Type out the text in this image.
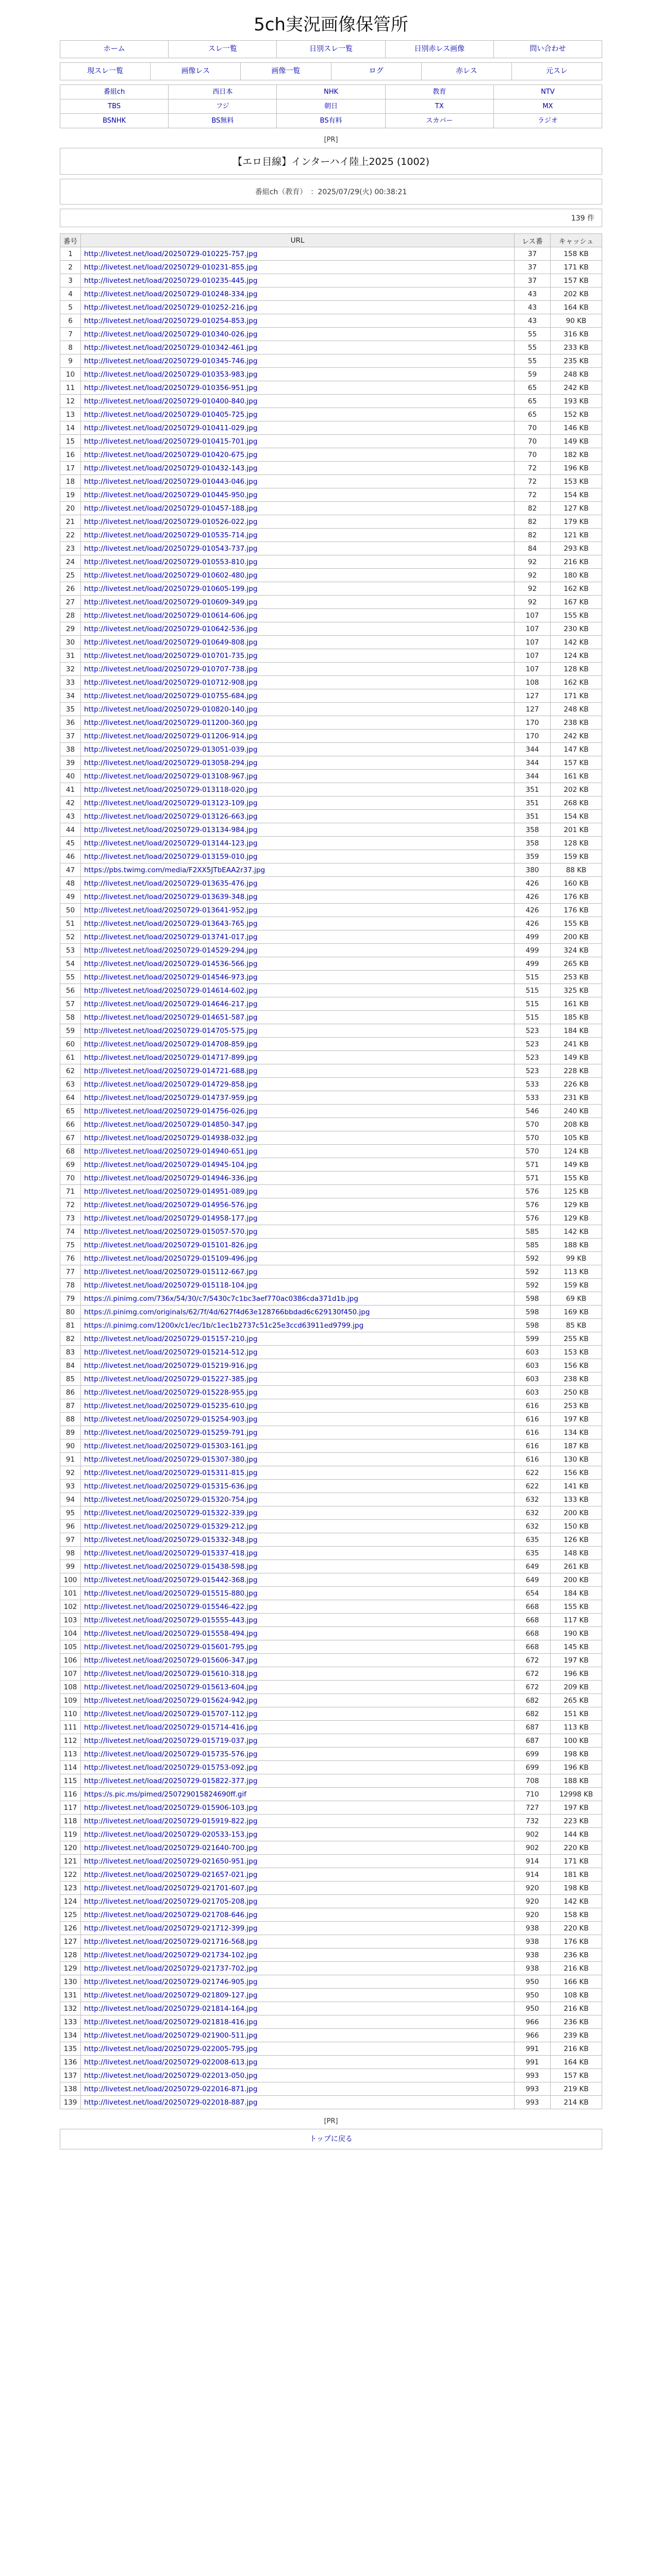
5ch実況画像保管所
ホーム	スレ一覧	日別スレ一覧	日別赤レス画像	問い合わせ
現スレ一覧	画像レス	画像一覧	ログ	赤レス	元スレ
番組ch	西日本	NHK	教育	NTV
TBS	フジ	朝日	TX	MX
BSNHK	BS無料	BS有料	スカパー	ラジオ
[PR]
【エロ目線】インターハイ陸上2025 (1002)
番組ch（教育）　：2025/07/29(火) 00:38:21
139 件
番号	URL	レス番	キャッシュ
1	http://livetest.net/load/20250729-010225-757.jpg	37	158 KB
2	http://livetest.net/load/20250729-010231-855.jpg	37	171 KB
3	http://livetest.net/load/20250729-010235-445.jpg	37	157 KB
4	http://livetest.net/load/20250729-010248-334.jpg	43	202 KB
5	http://livetest.net/load/20250729-010252-216.jpg	43	164 KB
6	http://livetest.net/load/20250729-010254-853.jpg	43	90 KB
7	http://livetest.net/load/20250729-010340-026.jpg	55	316 KB
8	http://livetest.net/load/20250729-010342-461.jpg	55	233 KB
9	http://livetest.net/load/20250729-010345-746.jpg	55	235 KB
10	http://livetest.net/load/20250729-010353-983.jpg	59	248 KB
11	http://livetest.net/load/20250729-010356-951.jpg	65	242 KB
12	http://livetest.net/load/20250729-010400-840.jpg	65	193 KB
13	http://livetest.net/load/20250729-010405-725.jpg	65	152 KB
14	http://livetest.net/load/20250729-010411-029.jpg	70	146 KB
15	http://livetest.net/load/20250729-010415-701.jpg	70	149 KB
16	http://livetest.net/load/20250729-010420-675.jpg	70	182 KB
17	http://livetest.net/load/20250729-010432-143.jpg	72	196 KB
18	http://livetest.net/load/20250729-010443-046.jpg	72	153 KB
19	http://livetest.net/load/20250729-010445-950.jpg	72	154 KB
20	http://livetest.net/load/20250729-010457-188.jpg	82	127 KB
21	http://livetest.net/load/20250729-010526-022.jpg	82	179 KB
22	http://livetest.net/load/20250729-010535-714.jpg	82	121 KB
23	http://livetest.net/load/20250729-010543-737.jpg	84	293 KB
24	http://livetest.net/load/20250729-010553-810.jpg	92	216 KB
25	http://livetest.net/load/20250729-010602-480.jpg	92	180 KB
26	http://livetest.net/load/20250729-010605-199.jpg	92	162 KB
27	http://livetest.net/load/20250729-010609-349.jpg	92	167 KB
28	http://livetest.net/load/20250729-010614-606.jpg	107	155 KB
29	http://livetest.net/load/20250729-010642-536.jpg	107	230 KB
30	http://livetest.net/load/20250729-010649-808.jpg	107	142 KB
31	http://livetest.net/load/20250729-010701-735.jpg	107	124 KB
32	http://livetest.net/load/20250729-010707-738.jpg	107	128 KB
33	http://livetest.net/load/20250729-010712-908.jpg	108	162 KB
34	http://livetest.net/load/20250729-010755-684.jpg	127	171 KB
35	http://livetest.net/load/20250729-010820-140.jpg	127	248 KB
36	http://livetest.net/load/20250729-011200-360.jpg	170	238 KB
37	http://livetest.net/load/20250729-011206-914.jpg	170	242 KB
38	http://livetest.net/load/20250729-013051-039.jpg	344	147 KB
39	http://livetest.net/load/20250729-013058-294.jpg	344	157 KB
40	http://livetest.net/load/20250729-013108-967.jpg	344	161 KB
41	http://livetest.net/load/20250729-013118-020.jpg	351	202 KB
42	http://livetest.net/load/20250729-013123-109.jpg	351	268 KB
43	http://livetest.net/load/20250729-013126-663.jpg	351	154 KB
44	http://livetest.net/load/20250729-013134-984.jpg	358	201 KB
45	http://livetest.net/load/20250729-013144-123.jpg	358	128 KB
46	http://livetest.net/load/20250729-013159-010.jpg	359	159 KB
47	https://pbs.twimg.com/media/F2XX5JTbEAA2r37.jpg	380	88 KB
48	http://livetest.net/load/20250729-013635-476.jpg	426	160 KB
49	http://livetest.net/load/20250729-013639-348.jpg	426	176 KB
50	http://livetest.net/load/20250729-013641-952.jpg	426	176 KB
51	http://livetest.net/load/20250729-013643-765.jpg	426	155 KB
52	http://livetest.net/load/20250729-013741-017.jpg	499	200 KB
53	http://livetest.net/load/20250729-014529-294.jpg	499	324 KB
54	http://livetest.net/load/20250729-014536-566.jpg	499	265 KB
55	http://livetest.net/load/20250729-014546-973.jpg	515	253 KB
56	http://livetest.net/load/20250729-014614-602.jpg	515	325 KB
57	http://livetest.net/load/20250729-014646-217.jpg	515	161 KB
58	http://livetest.net/load/20250729-014651-587.jpg	515	185 KB
59	http://livetest.net/load/20250729-014705-575.jpg	523	184 KB
60	http://livetest.net/load/20250729-014708-859.jpg	523	241 KB
61	http://livetest.net/load/20250729-014717-899.jpg	523	149 KB
62	http://livetest.net/load/20250729-014721-688.jpg	523	228 KB
63	http://livetest.net/load/20250729-014729-858.jpg	533	226 KB
64	http://livetest.net/load/20250729-014737-959.jpg	533	231 KB
65	http://livetest.net/load/20250729-014756-026.jpg	546	240 KB
66	http://livetest.net/load/20250729-014850-347.jpg	570	208 KB
67	http://livetest.net/load/20250729-014938-032.jpg	570	105 KB
68	http://livetest.net/load/20250729-014940-651.jpg	570	124 KB
69	http://livetest.net/load/20250729-014945-104.jpg	571	149 KB
70	http://livetest.net/load/20250729-014946-336.jpg	571	155 KB
71	http://livetest.net/load/20250729-014951-089.jpg	576	125 KB
72	http://livetest.net/load/20250729-014956-576.jpg	576	129 KB
73	http://livetest.net/load/20250729-014958-177.jpg	576	129 KB
74	http://livetest.net/load/20250729-015057-570.jpg	585	142 KB
75	http://livetest.net/load/20250729-015101-826.jpg	585	188 KB
76	http://livetest.net/load/20250729-015109-496.jpg	592	99 KB
77	http://livetest.net/load/20250729-015112-667.jpg	592	113 KB
78	http://livetest.net/load/20250729-015118-104.jpg	592	159 KB
79	https://i.pinimg.com/736x/54/30/c7/5430c7c1bc3aef770ac0386cda371d1b.jpg	598	69 KB
80	https://i.pinimg.com/originals/62/7f/4d/627f4d63e128766bbdad6c629130f450.jpg	598	169 KB
81	https://i.pinimg.com/1200x/c1/ec/1b/c1ec1b2737c51c25e3ccd63911ed9799.jpg	598	85 KB
82	http://livetest.net/load/20250729-015157-210.jpg	599	255 KB
83	http://livetest.net/load/20250729-015214-512.jpg	603	153 KB
84	http://livetest.net/load/20250729-015219-916.jpg	603	156 KB
85	http://livetest.net/load/20250729-015227-385.jpg	603	238 KB
86	http://livetest.net/load/20250729-015228-955.jpg	603	250 KB
87	http://livetest.net/load/20250729-015235-610.jpg	616	253 KB
88	http://livetest.net/load/20250729-015254-903.jpg	616	197 KB
89	http://livetest.net/load/20250729-015259-791.jpg	616	134 KB
90	http://livetest.net/load/20250729-015303-161.jpg	616	187 KB
91	http://livetest.net/load/20250729-015307-380.jpg	616	130 KB
92	http://livetest.net/load/20250729-015311-815.jpg	622	156 KB
93	http://livetest.net/load/20250729-015315-636.jpg	622	141 KB
94	http://livetest.net/load/20250729-015320-754.jpg	632	133 KB
95	http://livetest.net/load/20250729-015322-339.jpg	632	200 KB
96	http://livetest.net/load/20250729-015329-212.jpg	632	150 KB
97	http://livetest.net/load/20250729-015332-348.jpg	635	126 KB
98	http://livetest.net/load/20250729-015337-418.jpg	635	148 KB
99	http://livetest.net/load/20250729-015438-598.jpg	649	261 KB
100	http://livetest.net/load/20250729-015442-368.jpg	649	200 KB
101	http://livetest.net/load/20250729-015515-880.jpg	654	184 KB
102	http://livetest.net/load/20250729-015546-422.jpg	668	155 KB
103	http://livetest.net/load/20250729-015555-443.jpg	668	117 KB
104	http://livetest.net/load/20250729-015558-494.jpg	668	190 KB
105	http://livetest.net/load/20250729-015601-795.jpg	668	145 KB
106	http://livetest.net/load/20250729-015606-347.jpg	672	197 KB
107	http://livetest.net/load/20250729-015610-318.jpg	672	196 KB
108	http://livetest.net/load/20250729-015613-604.jpg	672	209 KB
109	http://livetest.net/load/20250729-015624-942.jpg	682	265 KB
110	http://livetest.net/load/20250729-015707-112.jpg	682	151 KB
111	http://livetest.net/load/20250729-015714-416.jpg	687	113 KB
112	http://livetest.net/load/20250729-015719-037.jpg	687	100 KB
113	http://livetest.net/load/20250729-015735-576.jpg	699	198 KB
114	http://livetest.net/load/20250729-015753-092.jpg	699	196 KB
115	http://livetest.net/load/20250729-015822-377.jpg	708	188 KB
116	https://s.pic.ms/pimed/250729015824690ff.gif	710	12998 KB
117	http://livetest.net/load/20250729-015906-103.jpg	727	197 KB
118	http://livetest.net/load/20250729-015919-822.jpg	732	223 KB
119	http://livetest.net/load/20250729-020533-153.jpg	902	144 KB
120	http://livetest.net/load/20250729-021640-700.jpg	902	220 KB
121	http://livetest.net/load/20250729-021650-951.jpg	914	171 KB
122	http://livetest.net/load/20250729-021657-021.jpg	914	181 KB
123	http://livetest.net/load/20250729-021701-607.jpg	920	198 KB
124	http://livetest.net/load/20250729-021705-208.jpg	920	142 KB
125	http://livetest.net/load/20250729-021708-646.jpg	920	158 KB
126	http://livetest.net/load/20250729-021712-399.jpg	938	220 KB
127	http://livetest.net/load/20250729-021716-568.jpg	938	176 KB
128	http://livetest.net/load/20250729-021734-102.jpg	938	236 KB
129	http://livetest.net/load/20250729-021737-702.jpg	938	216 KB
130	http://livetest.net/load/20250729-021746-905.jpg	950	166 KB
131	http://livetest.net/load/20250729-021809-127.jpg	950	108 KB
132	http://livetest.net/load/20250729-021814-164.jpg	950	216 KB
133	http://livetest.net/load/20250729-021818-416.jpg	966	236 KB
134	http://livetest.net/load/20250729-021900-511.jpg	966	239 KB
135	http://livetest.net/load/20250729-022005-795.jpg	991	216 KB
136	http://livetest.net/load/20250729-022008-613.jpg	991	164 KB
137	http://livetest.net/load/20250729-022013-050.jpg	993	157 KB
138	http://livetest.net/load/20250729-022016-871.jpg	993	219 KB
139	http://livetest.net/load/20250729-022018-887.jpg	993	214 KB
[PR]
トップに戻る
